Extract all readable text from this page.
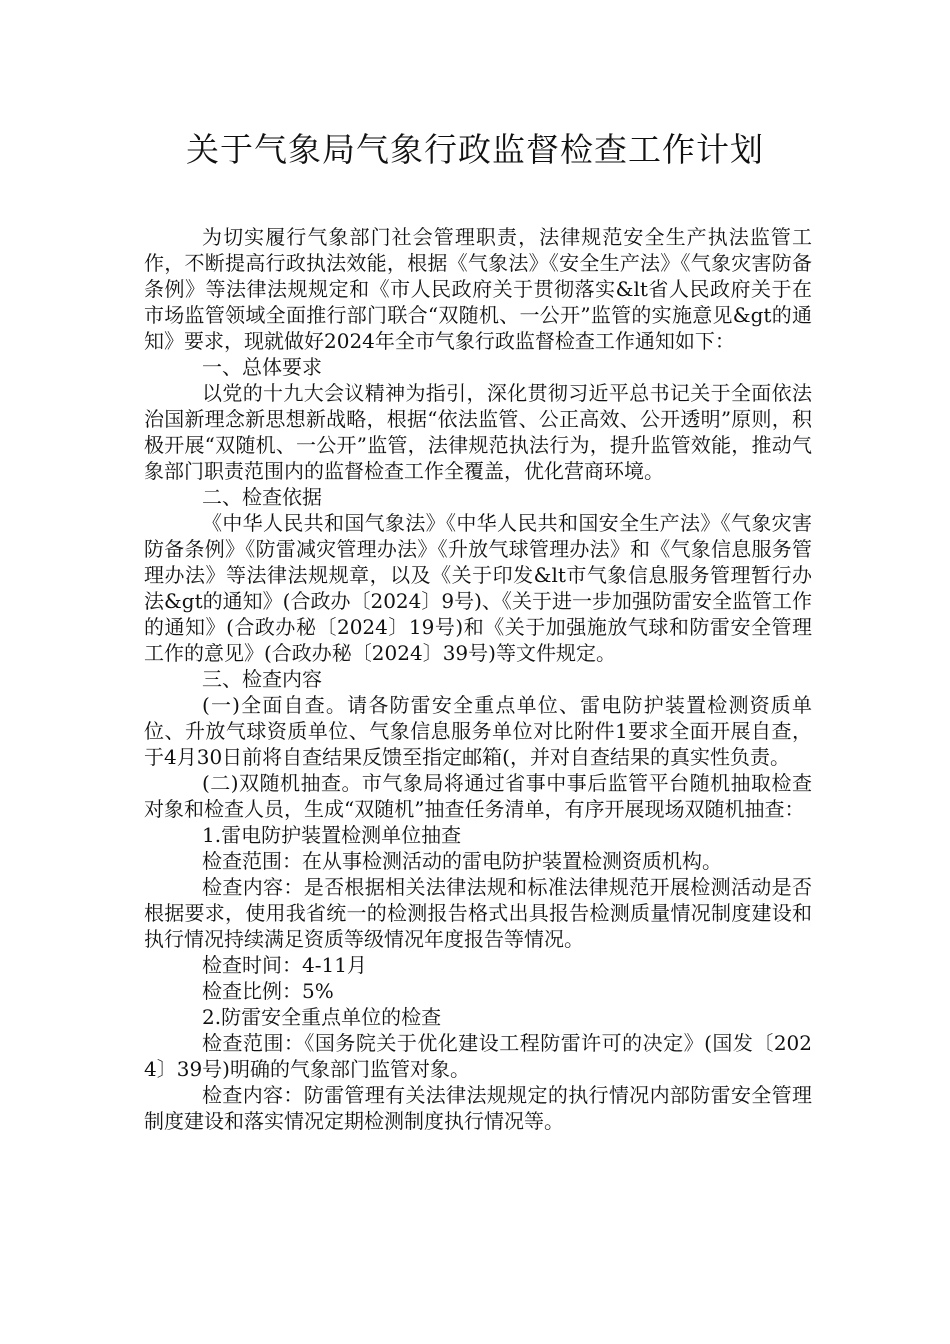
关于气象局气象行政监督检查工作计划

为切实履行气象部门社会管理职责，法律规范安全生产执法监管工作，不断提高行政执法效能，根据《气象法》《安全生产法》《气象灾害防备条例》等法律法规规定和《市人民政府关于贯彻落实&lt省人民政府关于在市场监管领域全面推行部门联合“双随机、一公开”监管的实施意见&gt的通知》要求，现就做好2024年全市气象行政监督检查工作通知如下：

一、总体要求

以党的十九大会议精神为指引，深化贯彻习近平总书记关于全面依法治国新理念新思想新战略，根据“依法监管、公正高效、公开透明”原则，积极开展“双随机、一公开”监管，法律规范执法行为，提升监管效能，推动气象部门职责范围内的监督检查工作全覆盖，优化营商环境。

二、检查依据

《中华人民共和国气象法》《中华人民共和国安全生产法》《气象灾害防备条例》《防雷减灾管理办法》《升放气球管理办法》和《气象信息服务管理办法》等法律法规规章，以及《关于印发&lt市气象信息服务管理暂行办法&gt的通知》(合政办〔2024〕9号)、《关于进一步加强防雷安全监管工作的通知》(合政办秘〔2024〕19号)和《关于加强施放气球和防雷安全管理工作的意见》(合政办秘〔2024〕39号)等文件规定。

三、检查内容

(一)全面自查。请各防雷安全重点单位、雷电防护装置检测资质单位、升放气球资质单位、气象信息服务单位对比附件1要求全面开展自查，于4月30日前将自查结果反馈至指定邮箱(，并对自查结果的真实性负责。

(二)双随机抽查。市气象局将通过省事中事后监管平台随机抽取检查对象和检查人员，生成“双随机”抽查任务清单，有序开展现场双随机抽查：

1.雷电防护装置检测单位抽查

检查范围：在从事检测活动的雷电防护装置检测资质机构。

检查内容：是否根据相关法律法规和标准法律规范开展检测活动是否根据要求，使用我省统一的检测报告格式出具报告检测质量情况制度建设和执行情况持续满足资质等级情况年度报告等情况。

检查时间：4-11月

检查比例：5%

2.防雷安全重点单位的检查

检查范围：《国务院关于优化建设工程防雷许可的决定》(国发〔2024〕39号)明确的气象部门监管对象。

检查内容：防雷管理有关法律法规规定的执行情况内部防雷安全管理制度建设和落实情况定期检测制度执行情况等。
